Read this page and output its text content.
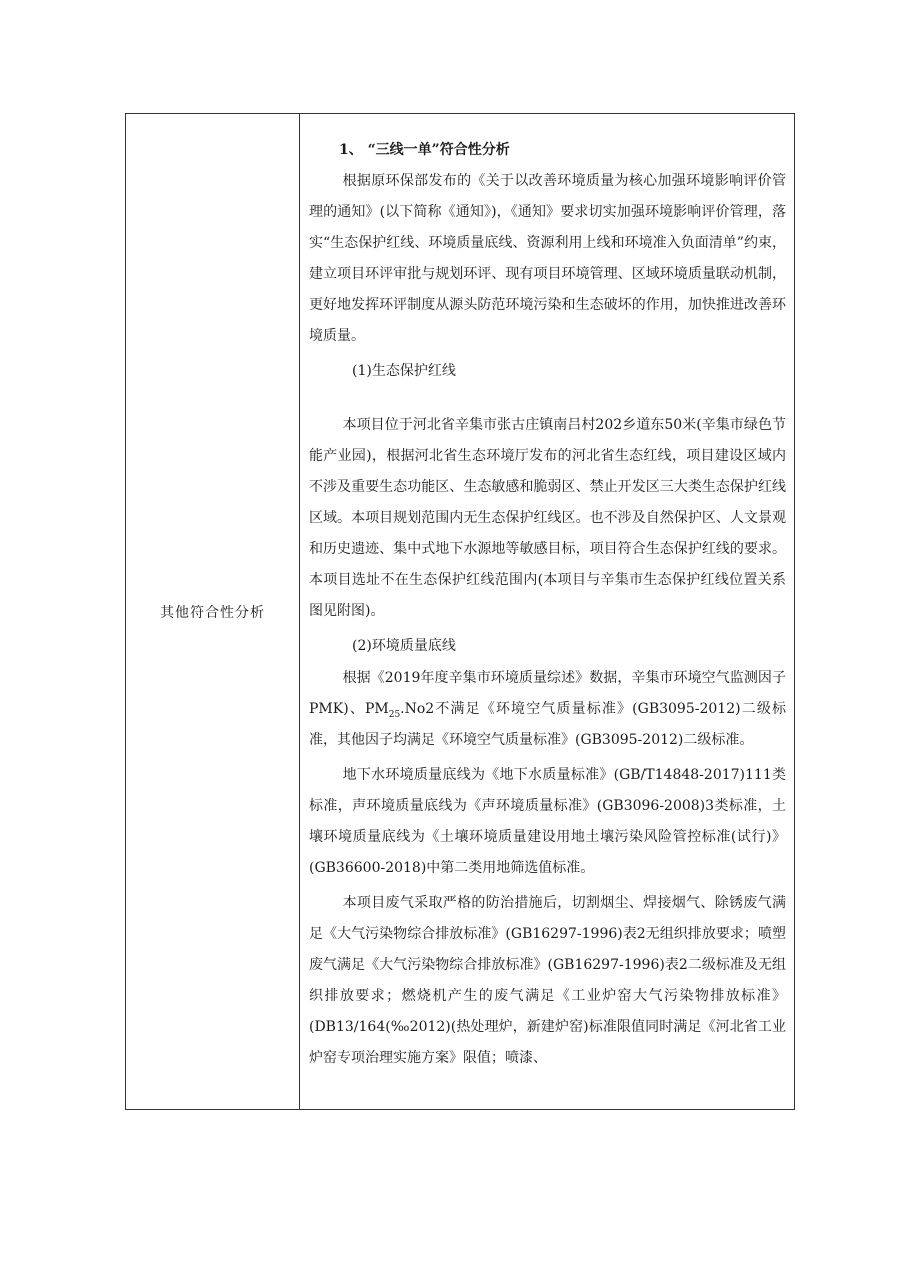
其他符合性分析

1、 “三线一单”符合性分析

根据原环保部发布的《关于以改善环境质量为核心加强环境影响评价管理的通知》(以下简称《通知》)，《通知》要求切实加强环境影响评价管理，落实“生态保护红线、环境质量底线、资源利用上线和环境准入负面清单”约束，建立项目环评审批与规划环评、现有项目环境管理、区域环境质量联动机制，更好地发挥环评制度从源头防范环境污染和生态破坏的作用，加快推进改善环境质量。

(1)生态保护红线

本项目位于河北省辛集市张古庄镇南吕村202乡道东50米(辛集市绿色节能产业园)，根据河北省生态环境厅发布的河北省生态红线，项目建设区域内不涉及重要生态功能区、生态敏感和脆弱区、禁止开发区三大类生态保护红线区域。本项目规划范围内无生态保护红线区。也不涉及自然保护区、人文景观和历史遗迹、集中式地下水源地等敏感目标，项目符合生态保护红线的要求。本项目选址不在生态保护红线范围内(本项目与辛集市生态保护红线位置关系图见附图)。

(2)环境质量底线

根据《2019年度辛集市环境质量综述》数据，辛集市环境空气监测因子PMK)、$PM_{25}.No2$不满足《环境空气质量标准》(GB3095-2012)二级标准，其他因子均满足《环境空气质量标准》(GB3095-2012)二级标准。

地下水环境质量底线为《地下水质量标准》(GB/T14848-2017)111类标准，声环境质量底线为《声环境质量标准》(GB3096-2008)3类标准，土壤环境质量底线为《土壤环境质量建设用地土壤污染风险管控标准(试行)》(GB36600-2018)中第二类用地筛选值标准。

本项目废气采取严格的防治措施后，切割烟尘、焊接烟气、除锈废气满足《大气污染物综合排放标准》(GB16297-1996)表2无组织排放要求；喷塑废气满足《大气污染物综合排放标准》(GB16297-1996)表2二级标准及无组织排放要求；燃烧机产生的废气满足《工业炉窑大气污染物排放标准》(DB13∕164(‰2012)(热处理炉，新建炉窑)标准限值同时满足《河北省工业炉窑专项治理实施方案》限值；喷漆、
